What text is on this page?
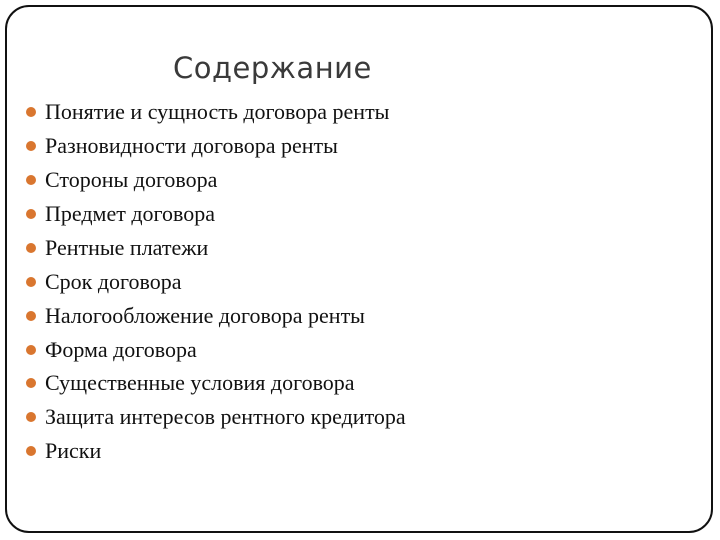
Содержание
Понятие и сущность договора ренты
Разновидности договора ренты
Стороны договора
Предмет договора
Рентные платежи
Срок договора
Налогообложение договора ренты
Форма договора
Существенные условия договора
Защита интересов рентного кредитора
Риски
